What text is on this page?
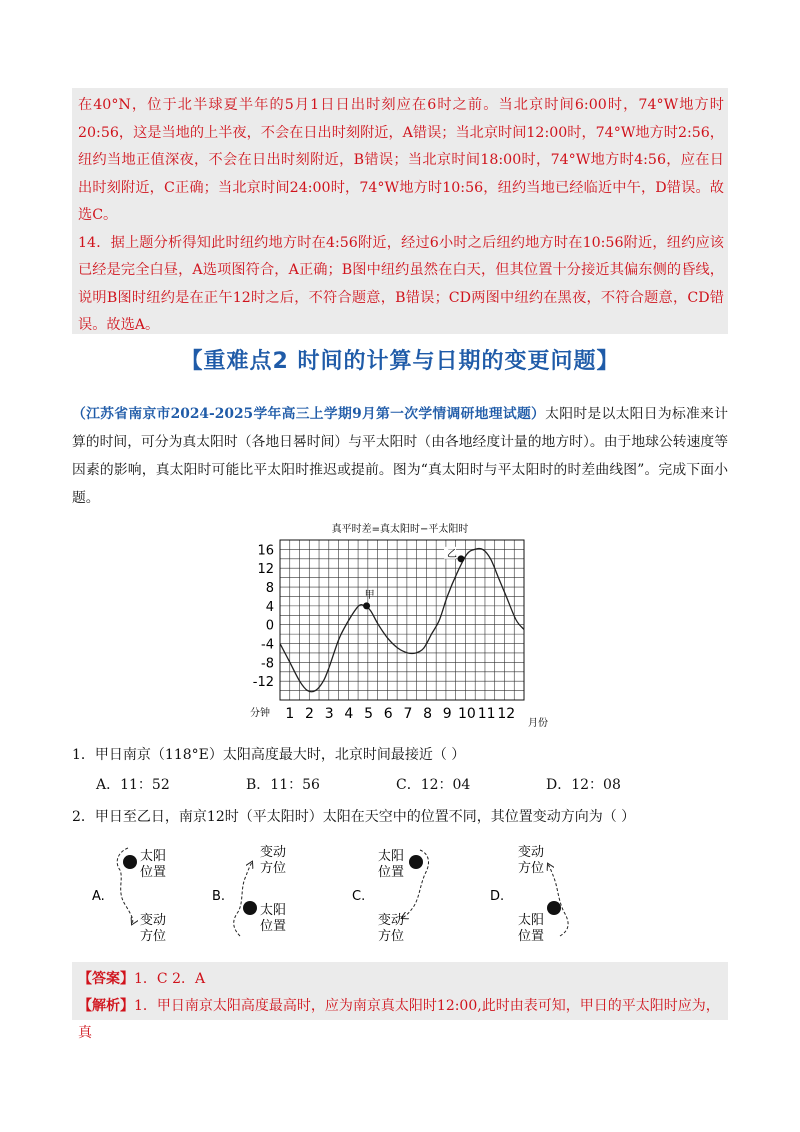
在40°N，位于北半球夏半年的5月1日日出时刻应在6时之前。当北京时间6:00时，74°W地方时20:56，这是当地的上半夜，不会在日出时刻附近，A错误；当北京时间12:00时，74°W地方时2:56，纽约当地正值深夜，不会在日出时刻附近，B错误；当北京时间18:00时，74°W地方时4:56，应在日出时刻附近，C正确；当北京时间24:00时，74°W地方时10:56，纽约当地已经临近中午，D错误。故选C。

14．据上题分析得知此时纽约地方时在4:56附近，经过6小时之后纽约地方时在10:56附近，纽约应该已经是完全白昼，A选项图符合，A正确；B图中纽约虽然在白天，但其位置十分接近其偏东侧的昏线，说明B图时纽约是在正午12时之后，不符合题意，B错误；CD两图中纽约在黑夜，不符合题意，CD错误。故选A。

【重难点2 时间的计算与日期的变更问题】
（江苏省南京市2024-2025学年高三上学期9月第一次学情调研地理试题）太阳时是以太阳日为标准来计算的时间，可分为真太阳时（各地日晷时间）与平太阳时（由各地经度计量的地方时）。由于地球公转速度等因素的影响，真太阳时可能比平太阳时推迟或提前。图为“真太阳时与平太阳时的时差曲线图”。完成下面小题。
真平时差=真太阳时−平太阳时
16
12
8
4
0
-4
-8
-12
1 2 3 4 5 6 7 8 9 10 11 12
甲
乙
分钟
月份
1．甲日南京（118°E）太阳高度最大时，北京时间最接近（ ）
A．11：52	B．11：56	C．12：04	D．12：08
2．甲日至乙日，南京12时（平太阳时）太阳在天空中的位置不同，其位置变动方向为（ ）
A.
太阳
位置
变动
方位
B.
变动
方位
太阳
位置
C.
太阳
位置
变动
方位
D.
变动
方位
太阳
位置
【答案】1．C 2．A
【解析】1．甲日南京太阳高度最高时，应为南京真太阳时12:00,此时由表可知，甲日的平太阳时应为，真
